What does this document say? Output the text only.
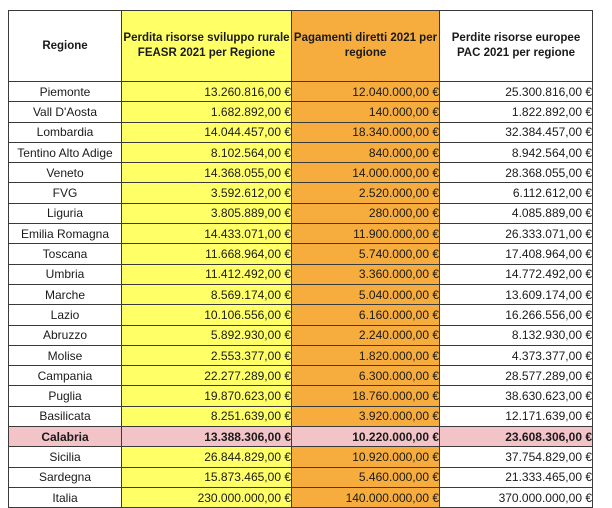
Regione	Perdita risorse sviluppo rurale FEASR 2021 per Regione	Pagamenti diretti 2021 per regione	Perdite risorse europee PAC 2021 per regione
Piemonte	13.260.816,00 €	12.040.000,00 €	25.300.816,00 €
Vall D'Aosta	1.682.892,00 €	140.000,00 €	1.822.892,00 €
Lombardia	14.044.457,00 €	18.340.000,00 €	32.384.457,00 €
Tentino Alto Adige	8.102.564,00 €	840.000,00 €	8.942.564,00 €
Veneto	14.368.055,00 €	14.000.000,00 €	28.368.055,00 €
FVG	3.592.612,00 €	2.520.000,00 €	6.112.612,00 €
Liguria	3.805.889,00 €	280.000,00 €	4.085.889,00 €
Emilia Romagna	14.433.071,00 €	11.900.000,00 €	26.333.071,00 €
Toscana	11.668.964,00 €	5.740.000,00 €	17.408.964,00 €
Umbria	11.412.492,00 €	3.360.000,00 €	14.772.492,00 €
Marche	8.569.174,00 €	5.040.000,00 €	13.609.174,00 €
Lazio	10.106.556,00 €	6.160.000,00 €	16.266.556,00 €
Abruzzo	5.892.930,00 €	2.240.000,00 €	8.132.930,00 €
Molise	2.553.377,00 €	1.820.000,00 €	4.373.377,00 €
Campania	22.277.289,00 €	6.300.000,00 €	28.577.289,00 €
Puglia	19.870.623,00 €	18.760.000,00 €	38.630.623,00 €
Basilicata	8.251.639,00 €	3.920.000,00 €	12.171.639,00 €
Calabria	13.388.306,00 €	10.220.000,00 €	23.608.306,00 €
Sicilia	26.844.829,00 €	10.920.000,00 €	37.754.829,00 €
Sardegna	15.873.465,00 €	5.460.000,00 €	21.333.465,00 €
Italia	230.000.000,00 €	140.000.000,00 €	370.000.000,00 €
